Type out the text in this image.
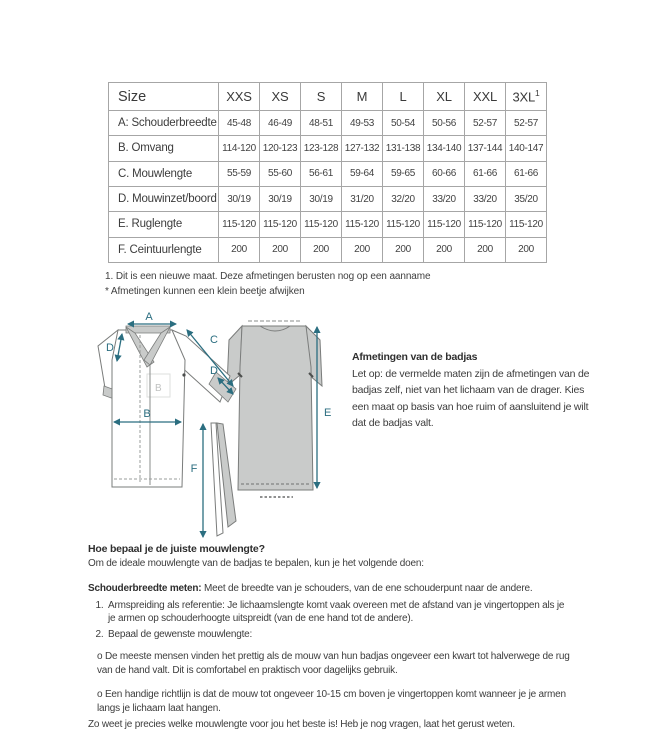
Size	XXS	XS	S	M	L	XL	XXL	$3XL^1$
A: Schouderbreedte	45-48	46-49	48-51	49-53	50-54	50-56	52-57	52-57
B. Omvang	114-120	120-123	123-128	127-132	131-138	134-140	137-144	140-147
C. Mouwlengte	55-59	55-60	56-61	59-64	59-65	60-66	61-66	61-66
D. Mouwinzet/boord	30/19	30/19	30/19	31/20	32/20	33/20	33/20	35/20
E. Ruglengte	115-120	115-120	115-120	115-120	115-120	115-120	115-120	115-120
F. Ceintuurlengte	200	200	200	200	200	200	200	200

1. Dit is een nieuwe maat. Deze afmetingen berusten nog op een aanname

* Afmetingen kunnen een klein beetje afwijken

B
A
D
C
D
B	E
F

Afmetingen van de badjas

Let op: de vermelde maten zijn de afmetingen van de badjas zelf, niet van het lichaam van de drager. Kies een maat op basis van hoe ruim of aansluitend je wilt dat de badjas valt.

Hoe bepaal je de juiste mouwlengte?

Om de ideale mouwlengte van de badjas te bepalen, kun je het volgende doen:

Schouderbreedte meten: Meet de breedte van je schouders, van de ene schouderpunt naar de andere.

1. Armspreiding als referentie: Je lichaamslengte komt vaak overeen met de afstand van je vingertoppen als je je armen op schouderhoogte uitspreidt (van de ene hand tot de andere).
2. Bepaal de gewenste mouwlengte:

o De meeste mensen vinden het prettig als de mouw van hun badjas ongeveer een kwart tot halverwege de rug van de hand valt. Dit is comfortabel en praktisch voor dagelijks gebruik.

o Een handige richtlijn is dat de mouw tot ongeveer 10-15 cm boven je vingertoppen komt wanneer je je armen langs je lichaam laat hangen.

Zo weet je precies welke mouwlengte voor jou het beste is! Heb je nog vragen, laat het gerust weten.
